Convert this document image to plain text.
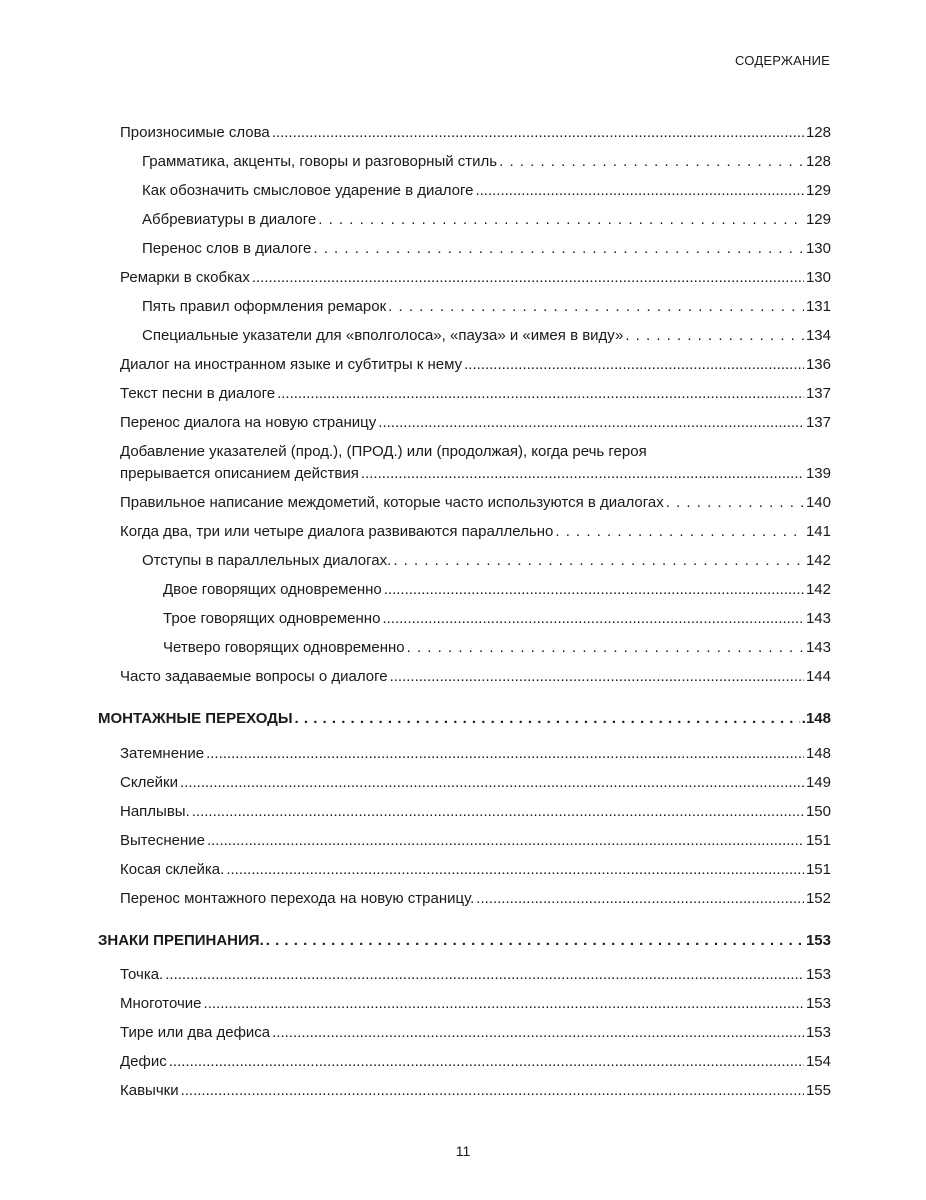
СОДЕРЖАНИЕ
Произносимые слова .....	128
Грамматика, акценты, говоры и разговорный стиль . . .	128
Как обозначить смысловое ударение в диалоге .....	129
Аббревиатуры в диалоге . . .	129
Перенос слов в диалоге . . .	130
Ремарки в скобках .....	130
Пять правил оформления ремарок . . .	131
Специальные указатели для «вполголоса», «пауза» и «имея в виду» . . .	134
Диалог на иностранном языке и субтитры к нему .....	136
Текст песни в диалоге .....	137
Перенос диалога на новую страницу .....	137
Добавление указателей (прод.), (ПРОД.) или (продолжая), когда речь героя
прерывается описанием действия .....	139
Правильное написание междометий, которые часто используются в диалогах . . .	140
Когда два, три или четыре диалога развиваются параллельно . . .	141
Отступы в параллельных диалогах. . . .	142
Двое говорящих одновременно .....	142
Трое говорящих одновременно .....	143
Четверо говорящих одновременно . . .	143
Часто задаваемые вопросы о диалоге .....	144
МОНТАЖНЫЕ ПЕРЕХОДЫ . .	.148
Затемнение .....	148
Склейки .....	149
Наплывы. .....	150
Вытеснение .....	151
Косая склейка. .....	151
Перенос монтажного перехода на новую страницу. .....	152
ЗНАКИ ПРЕПИНАНИЯ. . .	153
Точка. .....	153
Многоточие .....	153
Тире или два дефиса .....	153
Дефис .....	154
Кавычки .....	155
11
